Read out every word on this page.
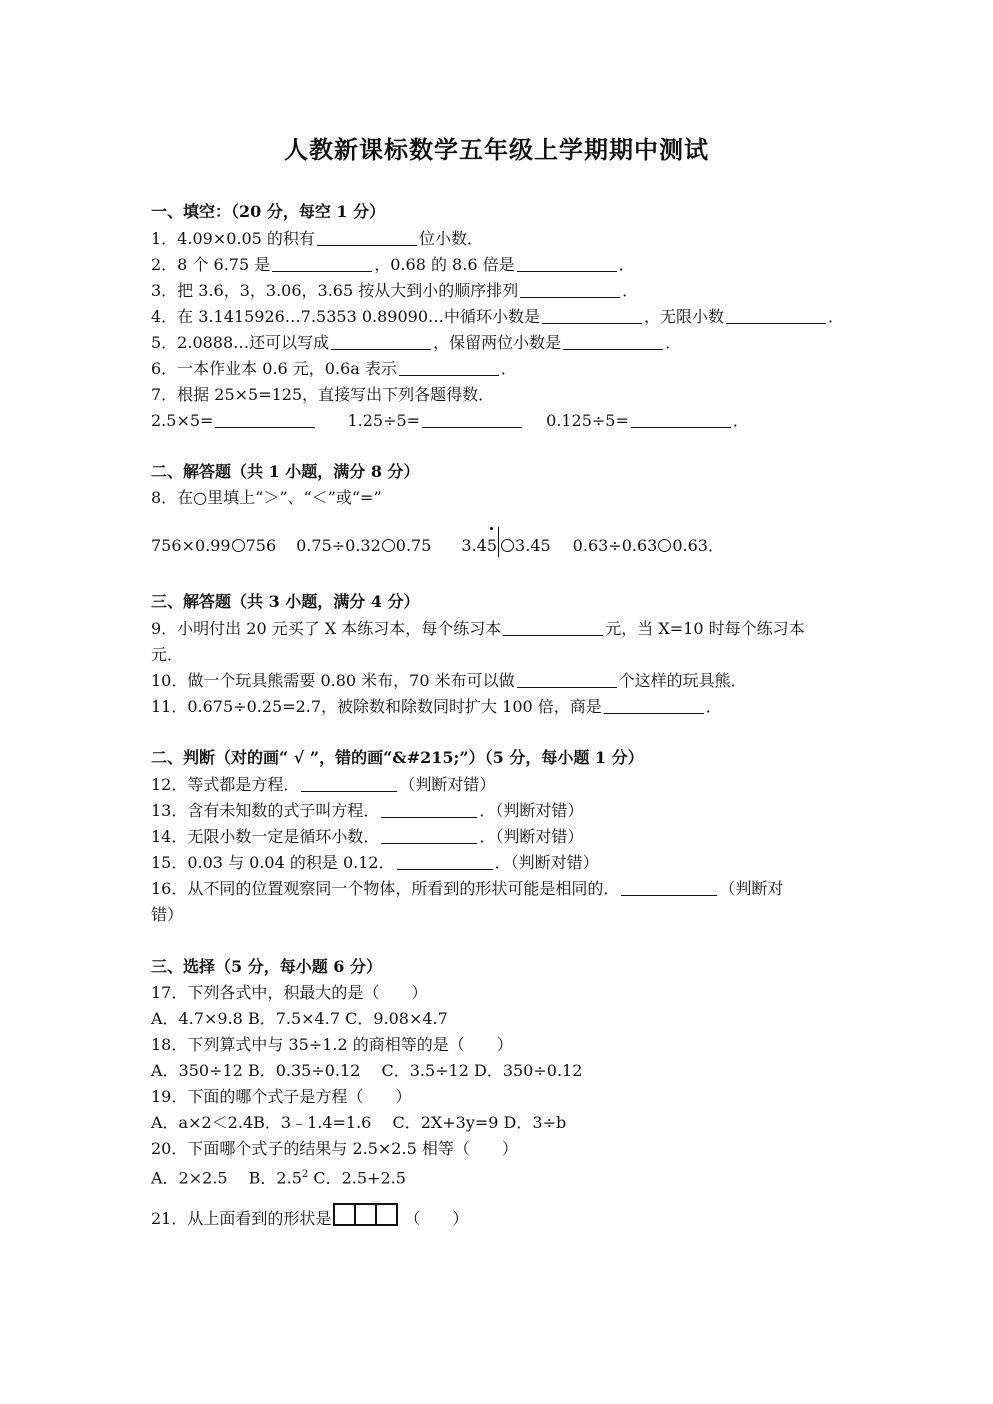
人教新课标数学五年级上学期期中测试
一、填空：（20 分，每空 1 分）
1．4.09×0.05 的积有	位小数．
2．8 个 6.75 是	，0.68 的 8.6 倍是	．
3．把 3.6，3，3.06，3.65 按从大到小的顺序排列	．
4．在 3.1415926…7.5353 0.89090…中循环小数是	，无限小数	．
5．2.0888…还可以写成	，保留两位小数是	．
6．一本作业本 0.6 元，0.6a 表示	．
7．根据 25×5=125，直接写出下列各题得数．
2.5×5=	1.25÷5=	0.125÷5=	．
二、解答题（共 1 小题，满分 8 分）
8．在○里填上“＞”、“＜”或“=”
756×0.99 756 0.75÷0.32 0.75 3.4
5 3.45 0.63÷0.63 0.63．
三、解答题（共 3 小题，满分 4 分）
9．小明付出 20 元买了 X 本练习本，每个练习本	元，当 X=10 时每个练习本
元．
10．做一个玩具熊需要 0.80 米布，70 米布可以做	个这样的玩具熊．
11．0.675÷0.25=2.7，被除数和除数同时扩大 100 倍，商是	．
二、判断（对的画“ √ ”，错的画“&#215;”）（5 分，每小题 1 分）
12．等式都是方程．	（判断对错）
13．含有未知数的式子叫方程．	．（判断对错）
14．无限小数一定是循环小数．	．（判断对错）
15．0.03 与 0.04 的积是 0.12．	．（判断对错）
16．从不同的位置观察同一个物体，所看到的形状可能是相同的．	（判断对
错）
三、选择（5 分，每小题 6 分）
17．下列各式中，积最大的是（　　）
A．4.7×9.8 B．7.5×4.7 C．9.08×4.7
18．下列算式中与 35÷1.2 的商相等的是（　　）
A．350÷12 B．0.35÷0.12 　C．3.5÷12 D．350÷0.12
19．下面的哪个式子是方程（　　）
A．a×2＜2.4B．3﹣1.4=1.6 　C．2X+3y=9 D．3÷b
20．下面哪个式子的结果与 2.5×2.5 相等（　　）
A．2×2.5 　B．$2.5^2$ C．2.5+2.5
21．从上面看到的形状是	（　　）
